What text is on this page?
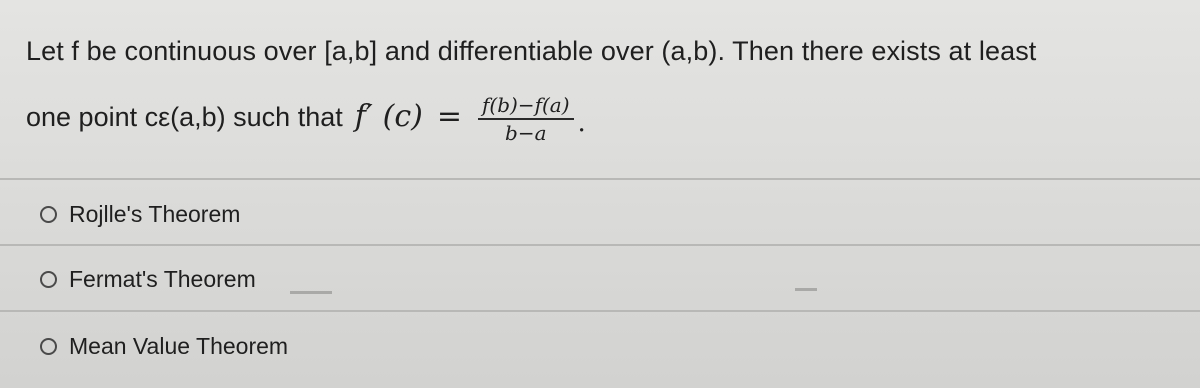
Let f be continuous over [a,b] and differentiable over (a,b). Then there exists at least
one point cε(a,b) such that f′ $(c) = \frac{f(b)-f(a)}{b-a}$ .
Rojlle's Theorem
Fermat's Theorem
Mean Value Theorem
